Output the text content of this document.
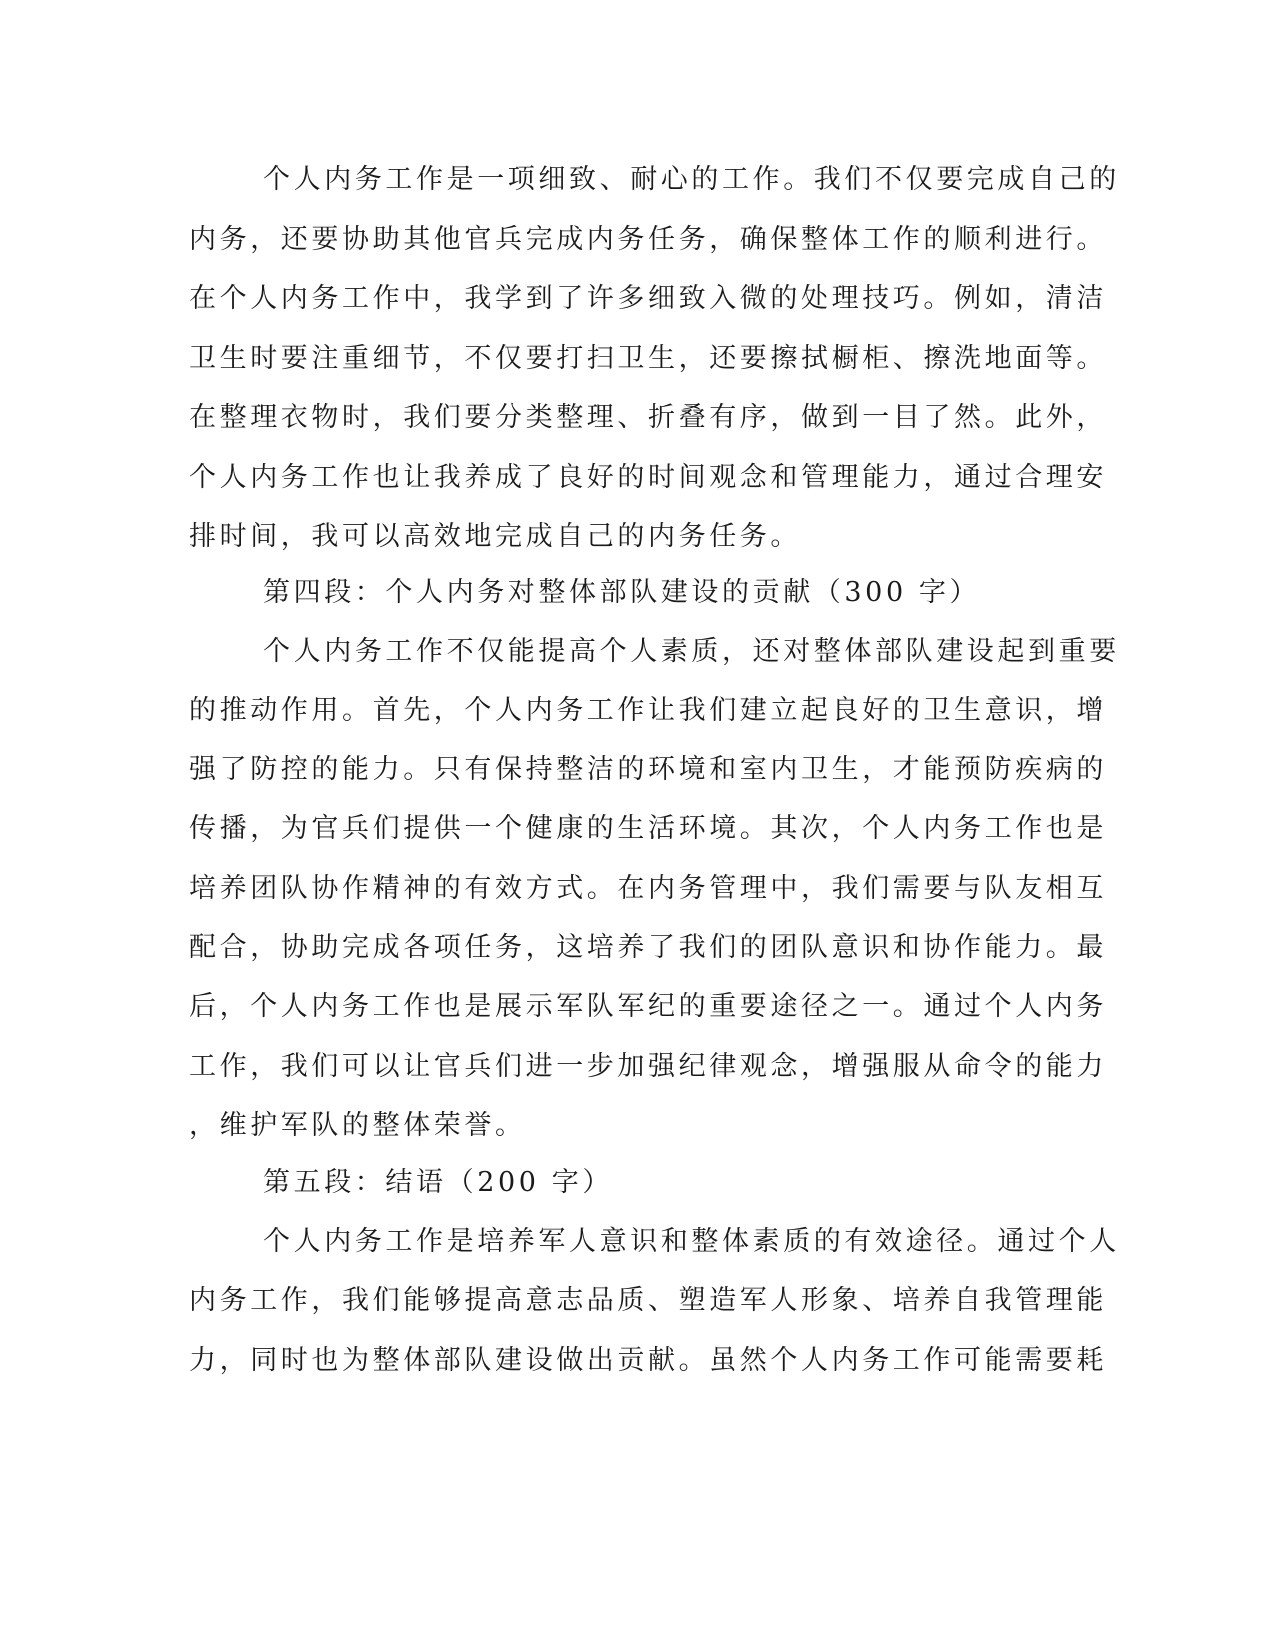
个人内务工作是一项细致、耐心的工作。我们不仅要完成自己的
内务，还要协助其他官兵完成内务任务，确保整体工作的顺利进行。
在个人内务工作中，我学到了许多细致入微的处理技巧。例如，清洁
卫生时要注重细节，不仅要打扫卫生，还要擦拭橱柜、擦洗地面等。
在整理衣物时，我们要分类整理、折叠有序，做到一目了然。此外，
个人内务工作也让我养成了良好的时间观念和管理能力，通过合理安
排时间，我可以高效地完成自己的内务任务。
第四段：个人内务对整体部队建设的贡献（300 字）
个人内务工作不仅能提高个人素质，还对整体部队建设起到重要
的推动作用。首先，个人内务工作让我们建立起良好的卫生意识，增
强了防控的能力。只有保持整洁的环境和室内卫生，才能预防疾病的
传播，为官兵们提供一个健康的生活环境。其次，个人内务工作也是
培养团队协作精神的有效方式。在内务管理中，我们需要与队友相互
配合，协助完成各项任务，这培养了我们的团队意识和协作能力。最
后，个人内务工作也是展示军队军纪的重要途径之一。通过个人内务
工作，我们可以让官兵们进一步加强纪律观念，增强服从命令的能力
，维护军队的整体荣誉。
第五段：结语（200 字）
个人内务工作是培养军人意识和整体素质的有效途径。通过个人
内务工作，我们能够提高意志品质、塑造军人形象、培养自我管理能
力，同时也为整体部队建设做出贡献。虽然个人内务工作可能需要耗
